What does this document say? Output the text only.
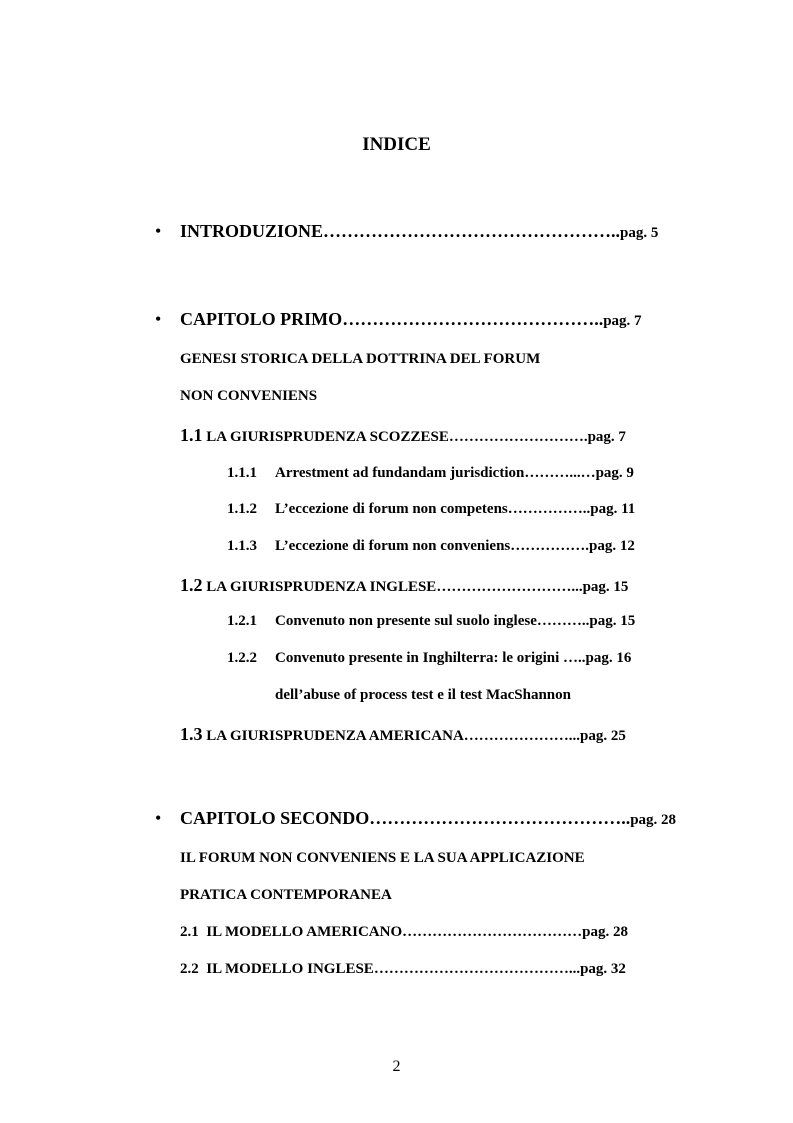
INDICE
• INTRODUZIONE…………………………………………..pag. 5
• CAPITOLO PRIMO……………………………………..pag. 7
GENESI STORICA DELLA DOTTRINA DEL FORUM
NON CONVENIENS
1.1 LA GIURISPRUDENZA SCOZZESE……………………….pag. 7
1.1.1 Arrestment ad fundandam jurisdiction………...…pag. 9
1.1.2 L’eccezione di forum non competens……………..pag. 11
1.1.3 L’eccezione di forum non conveniens…………….pag. 12
1.2 LA GIURISPRUDENZA INGLESE………………………...pag. 15
1.2.1 Convenuto non presente sul suolo inglese………..pag. 15
1.2.2 Convenuto presente in Inghilterra: le origini …..pag. 16
dell’abuse of process test e il test MacShannon
1.3 LA GIURISPRUDENZA AMERICANA…………………...pag. 25
• CAPITOLO SECONDO……………………………………..pag. 28
IL FORUM NON CONVENIENS E LA SUA APPLICAZIONE
PRATICA CONTEMPORANEA
2.1 IL MODELLO AMERICANO………………………………pag. 28
2.2 IL MODELLO INGLESE…………………………………...pag. 32
2
